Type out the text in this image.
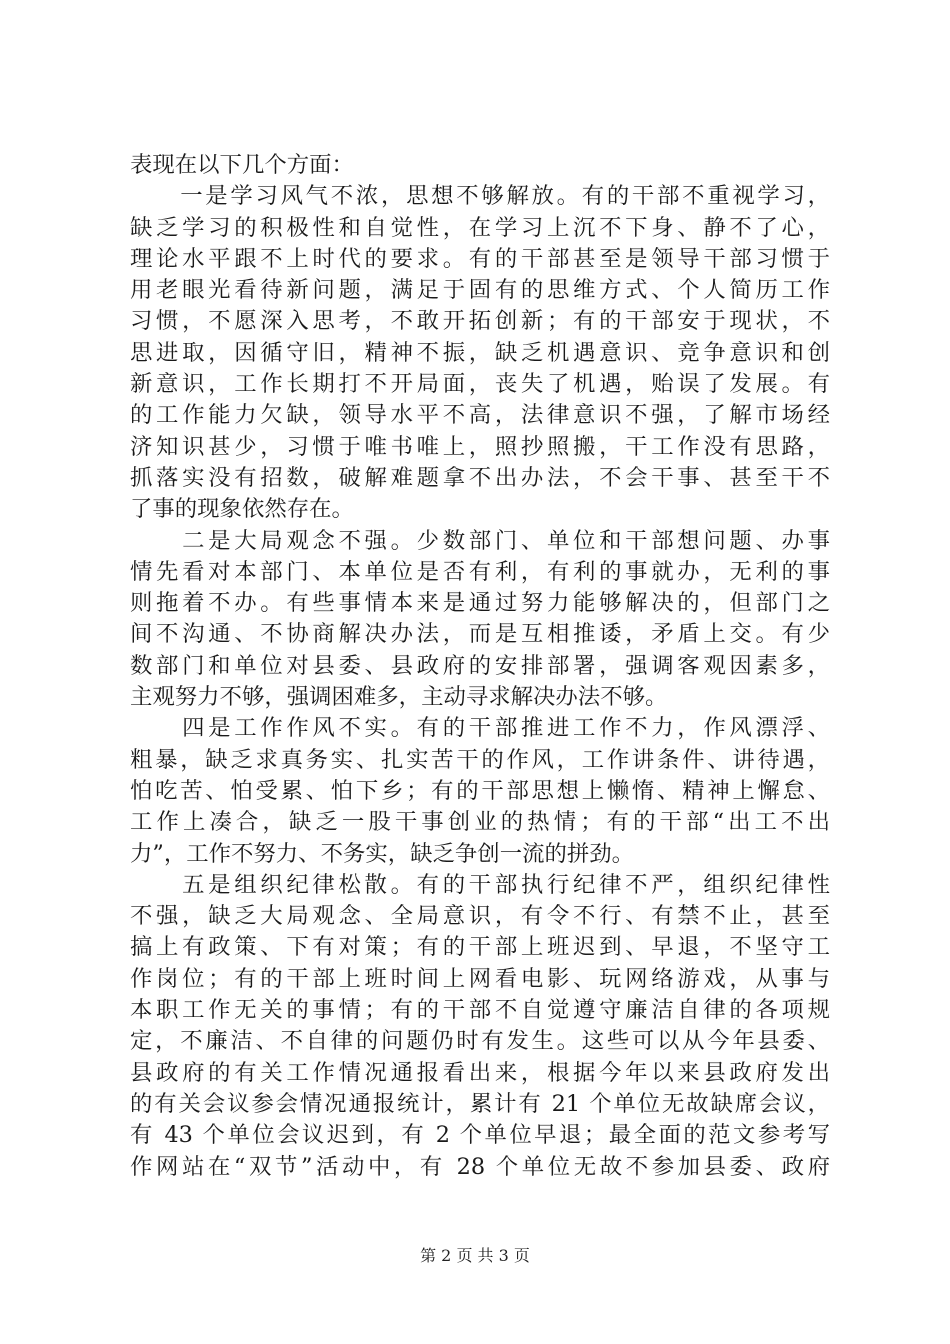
表现在以下几个方面：
　　一是学习风气不浓，思想不够解放。有的干部不重视学习，
缺乏学习的积极性和自觉性，在学习上沉不下身、静不了心，
理论水平跟不上时代的要求。有的干部甚至是领导干部习惯于
用老眼光看待新问题，满足于固有的思维方式、个人简历工作
习惯，不愿深入思考，不敢开拓创新；有的干部安于现状，不
思进取，因循守旧，精神不振，缺乏机遇意识、竞争意识和创
新意识，工作长期打不开局面，丧失了机遇，贻误了发展。有
的工作能力欠缺，领导水平不高，法律意识不强，了解市场经
济知识甚少，习惯于唯书唯上，照抄照搬，干工作没有思路，
抓落实没有招数，破解难题拿不出办法，不会干事、甚至干不
了事的现象依然存在。
　　二是大局观念不强。少数部门、单位和干部想问题、办事
情先看对本部门、本单位是否有利，有利的事就办，无利的事
则拖着不办。有些事情本来是通过努力能够解决的，但部门之
间不沟通、不协商解决办法，而是互相推诿，矛盾上交。有少
数部门和单位对县委、县政府的安排部署，强调客观因素多，
主观努力不够，强调困难多，主动寻求解决办法不够。
　　四是工作作风不实。有的干部推进工作不力，作风漂浮、
粗暴，缺乏求真务实、扎实苦干的作风，工作讲条件、讲待遇，
怕吃苦、怕受累、怕下乡；有的干部思想上懒惰、精神上懈怠、
工作上凑合，缺乏一股干事创业的热情；有的干部“出工不出
力”，工作不努力、不务实，缺乏争创一流的拼劲。
　　五是组织纪律松散。有的干部执行纪律不严，组织纪律性
不强，缺乏大局观念、全局意识，有令不行、有禁不止，甚至
搞上有政策、下有对策；有的干部上班迟到、早退，不坚守工
作岗位；有的干部上班时间上网看电影、玩网络游戏，从事与
本职工作无关的事情；有的干部不自觉遵守廉洁自律的各项规
定，不廉洁、不自律的问题仍时有发生。这些可以从今年县委、
县政府的有关工作情况通报看出来，根据今年以来县政府发出
的有关会议参会情况通报统计，累计有 21 个单位无故缺席会议，
有 43 个单位会议迟到，有 2 个单位早退；最全面的范文参考写
作网站在“双节”活动中，有 28 个单位无故不参加县委、政府
第 2 页 共 3 页
